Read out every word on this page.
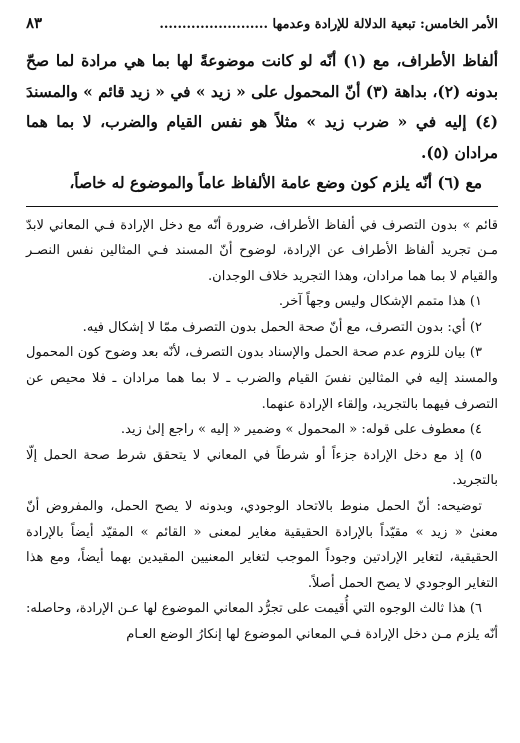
الأمر الخامس: تبعية الدلالة للإرادة وعدمها ........................
٨٣

ألفاظ الأطراف، مع (١) أنّه لو كانت موضوعةً لها بما هي مرادة لما صحّ بدونه (٢)، بداهة (٣) أنّ المحمول على « زيد » في « زيد قائم » والمسندَ (٤) إليه في « ضرب زيد » مثلاً هو نفس القيام والضرب، لا بما هما مرادان (٥).

مع (٦) أنّه يلزم كون وضع عامة الألفاظ عاماً والموضوع له خاصاً،

قائم » بدون التصرف في ألفاظ الأطراف، ضرورة أنّه مع دخل الإرادة فـي المعاني لابدّ مـن تجريد ألفاظ الأطراف عن الإرادة، لوضوح أنّ المسند فـي المثالين نفس النصـر والقيام لا بما هما مرادان، وهذا التجريد خلاف الوجدان.

١) هذا متمم الإشكال وليس وجهاً آخر.

٢) أي: بدون التصرف، مع أنّ صحة الحمل بدون التصرف ممّا لا إشكال فيه.

٣) بيان للزوم عدم صحة الحمل والإسناد بدون التصرف، لأنّه بعد وضوح كون المحمول والمسند إليه في المثالين نفسَ القيام والضرب ـ لا بما هما مرادان ـ فلا محيص عن التصرف فيهما بالتجريد، وإلقاء الإرادة عنهما.

٤) معطوف على قوله: « المحمول » وضمير « إليه » راجع إلىٰ زيد.

٥) إذ مع دخل الإرادة جزءاً أو شرطاً في المعاني لا يتحقق شرط صحة الحمل إلّا بالتجريد.

توضيحه: أنّ الحمل منوط بالاتحاد الوجودي، وبدونه لا يصح الحمل، والمفروض أنّ معنىٰ « زيد » مقيّداً بالإرادة الحقيقية مغاير لمعنى « القائم » المقيّد أيضاً بالإرادة الحقيقية، لتغاير الإرادتين وجوداً الموجب لتغاير المعنيين المقيدين بهما أيضاً، ومع هذا التغاير الوجودي لا يصح الحمل أصلاً.

٦) هذا ثالث الوجوه التي أُقيمت على تجرُّد المعاني الموضوع لها عـن الإرادة، وحاصله: أنّه يلزم مـن دخل الإرادة فـي المعاني الموضوع لها إنكارُ الوضع العـام
